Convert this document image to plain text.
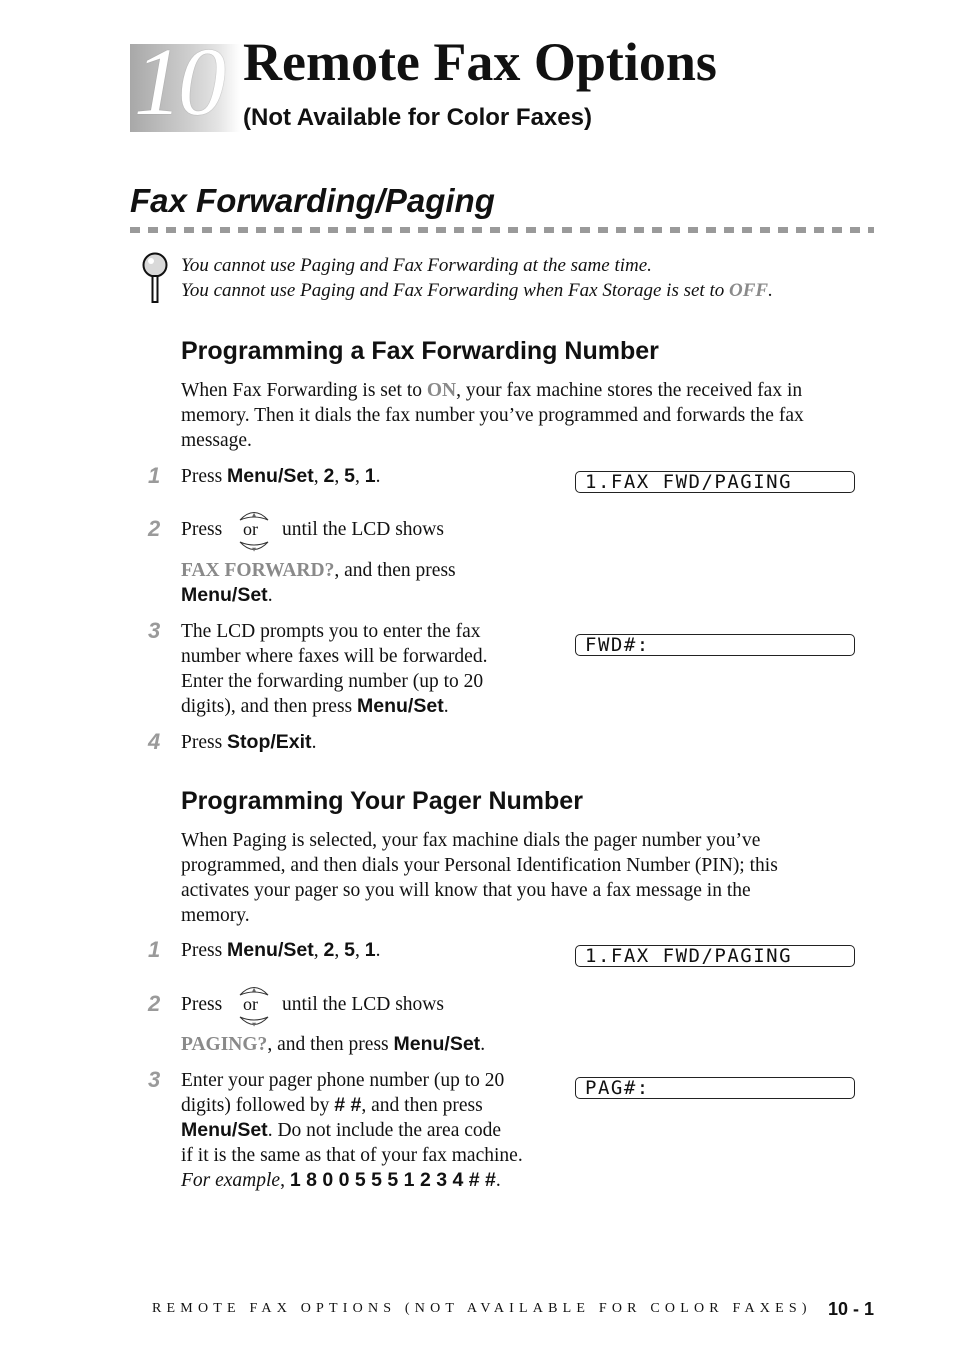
10 Remote Fax Options
(Not Available for Color Faxes)
Fax Forwarding/Paging
You cannot use Paging and Fax Forwarding at the same time.
You cannot use Paging and Fax Forwarding when Fax Storage is set to OFF.
Programming a Fax Forwarding Number
When Fax Forwarding is set to ON, your fax machine stores the received fax in
memory. Then it dials the fax number you’ve programmed and forwards the fax
message.
1 Press Menu/Set, 2, 5, 1.	1.FAX FWD/PAGING
2 Press
▲
▼
or until the LCD shows
FAX FORWARD?, and then press
Menu/Set.
3 The LCD prompts you to enter the fax
number where faxes will be forwarded.
Enter the forwarding number (up to 20
digits), and then press Menu/Set.
FWD#:
4 Press Stop/Exit.
Programming Your Pager Number
When Paging is selected, your fax machine dials the pager number you’ve
programmed, and then dials your Personal Identification Number (PIN); this
activates your pager so you will know that you have a fax message in the
memory.
1 Press Menu/Set, 2, 5, 1.	1.FAX FWD/PAGING
2 Press
▲
▼
or until the LCD shows
PAGING?, and then press Menu/Set.
3 Enter your pager phone number (up to 20
digits) followed by # #, and then press
Menu/Set. Do not include the area code
if it is the same as that of your fax machine.
For example, 1 8 0 0 5 5 5 1 2 3 4 # #.
PAG#:
REMOTE FAX OPTIONS (NOT AVAILABLE FOR COLOR FAXES) 10 - 1
